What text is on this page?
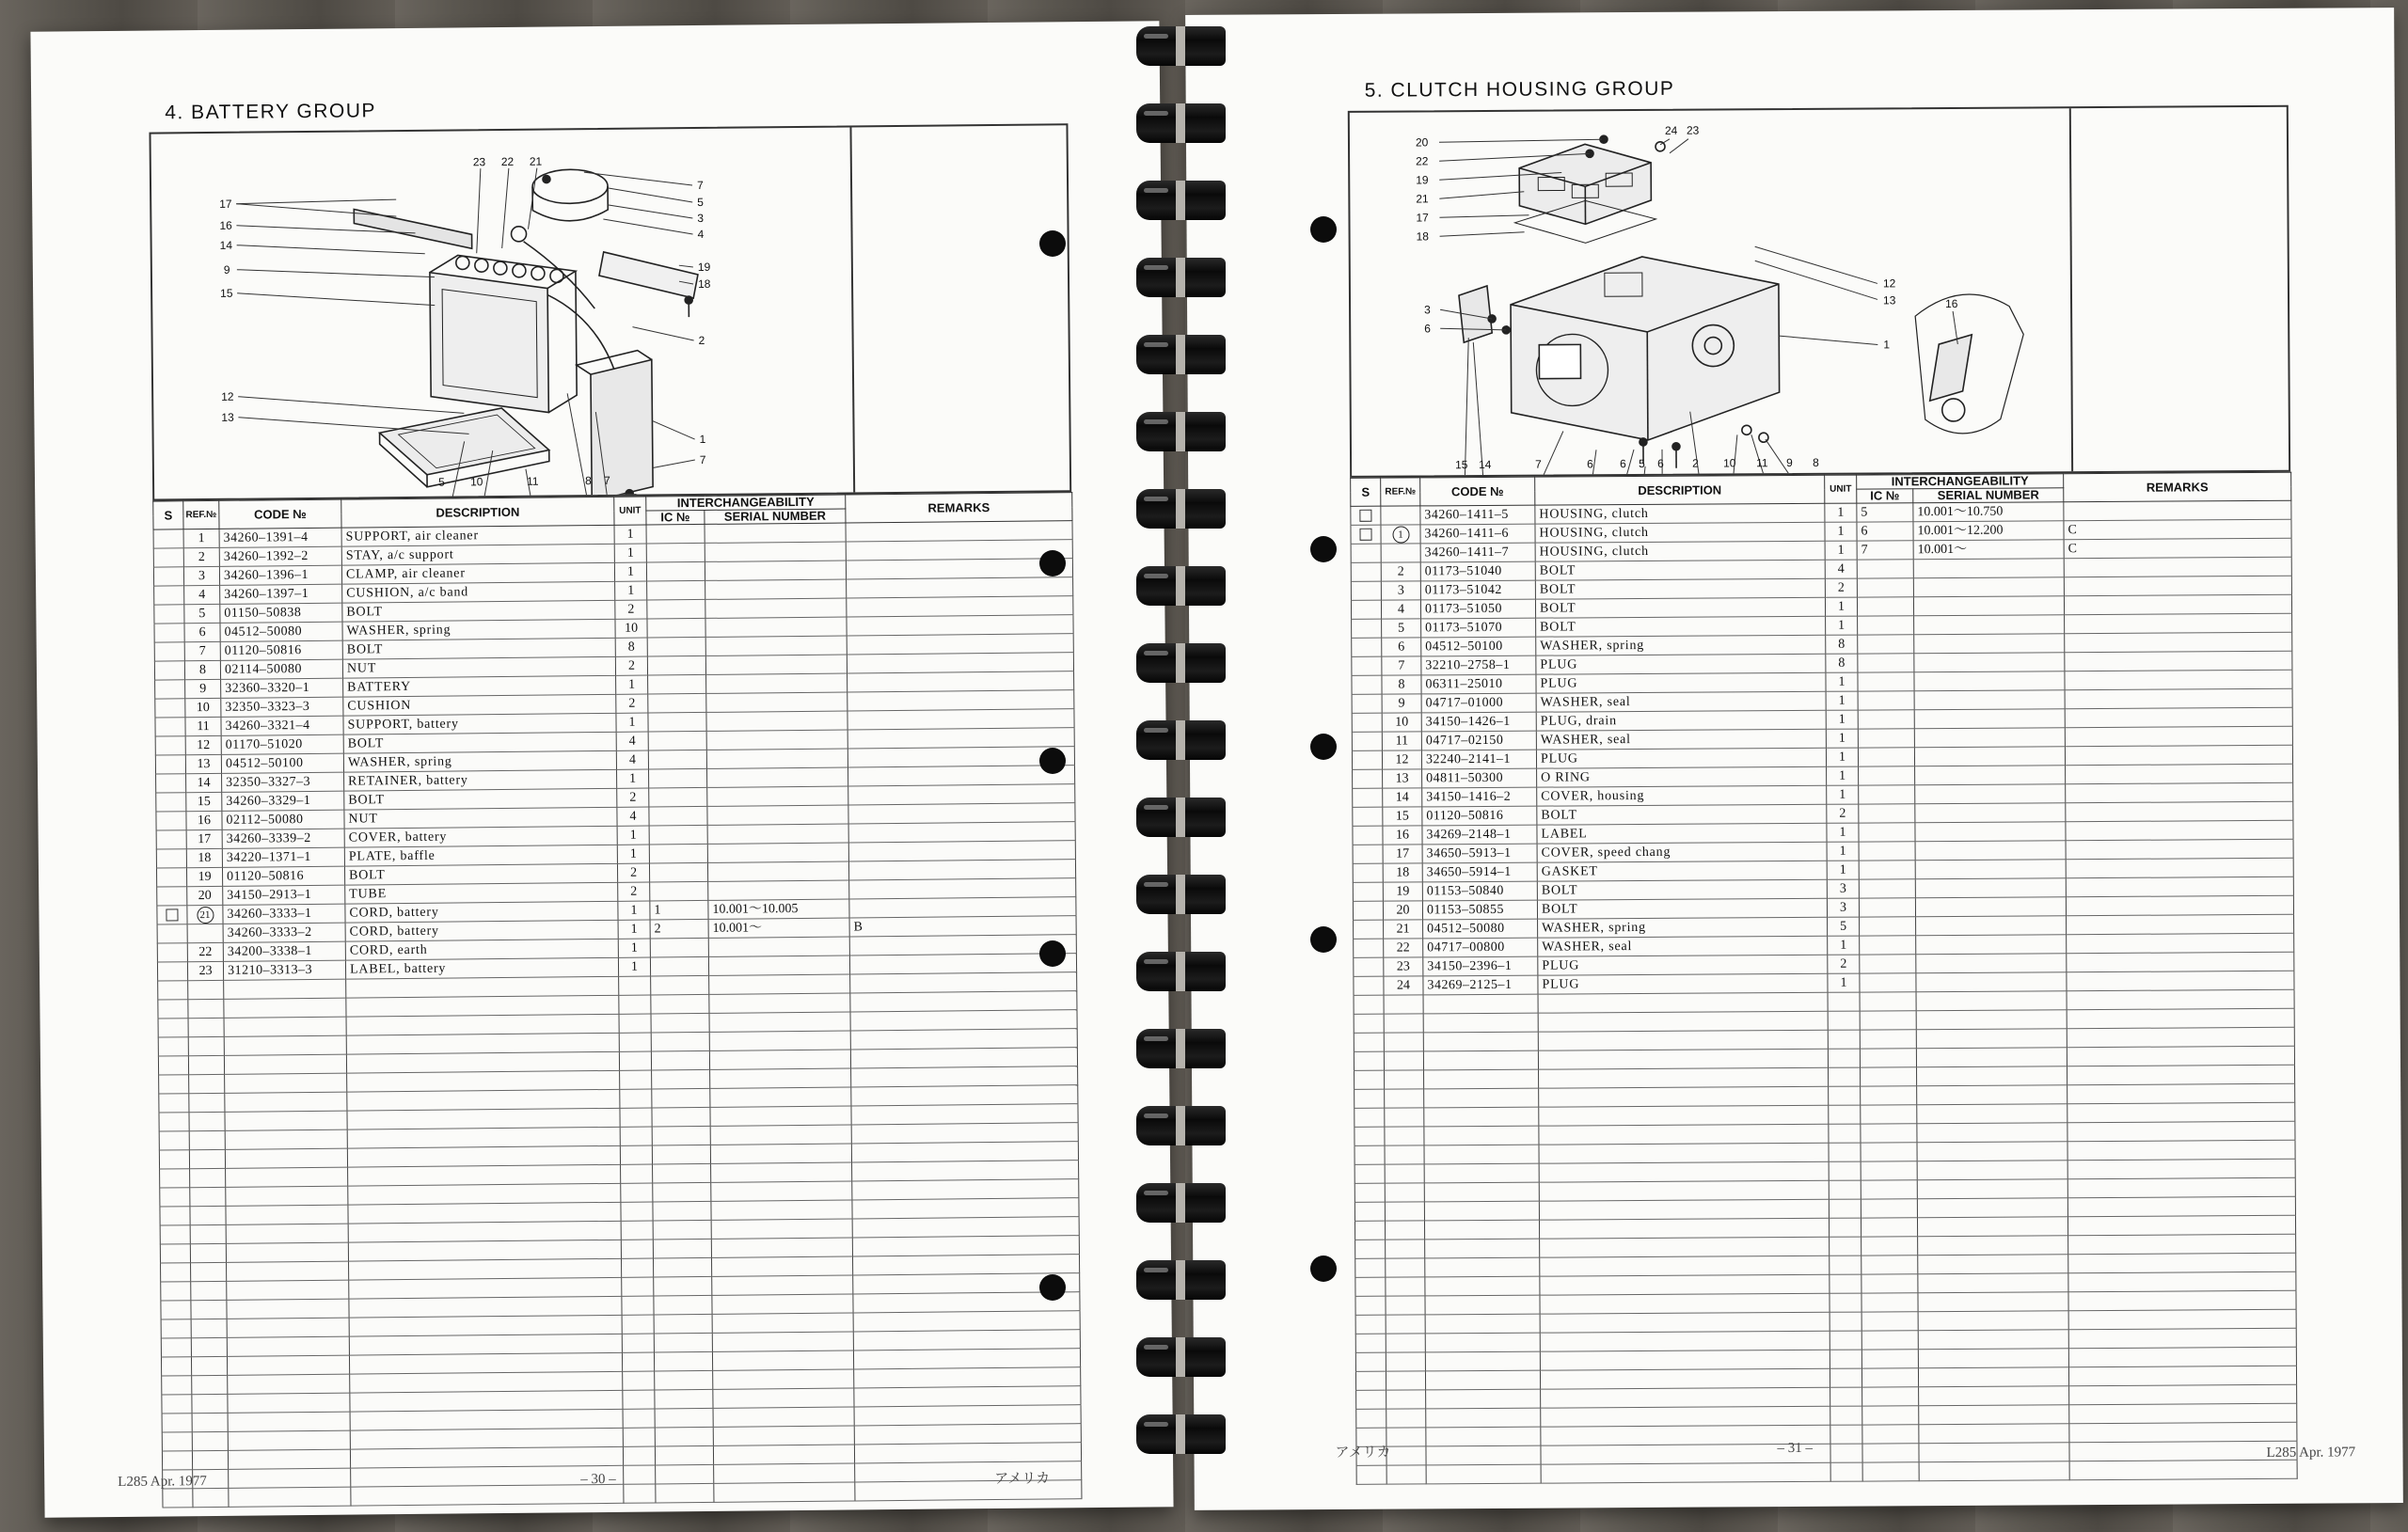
4. BATTERY GROUP
17
16
14
9
15
12
13
23 22 21
7
5
3
4
19
18
2
1
7
5 10	11	8 7
S	REF.№	CODE №	DESCRIPTION	UNIT	INTERCHANGEABILITY		REMARKS
					IC №	SERIAL NUMBER	
	1	34260–1391–4	SUPPORT, air cleaner	1			
	2	34260–1392–2	STAY, a/c support	1			
	3	34260–1396–1	CLAMP, air cleaner	1			
	4	34260–1397–1	CUSHION, a/c band	1			
	5	01150–50838	BOLT	2			
	6	04512–50080	WASHER, spring	10			
	7	01120–50816	BOLT	8			
	8	02114–50080	NUT	2			
	9	32360–3320–1	BATTERY	1			
	10	32350–3323–3	CUSHION	2			
	11	34260–3321–4	SUPPORT, battery	1			
	12	01170–51020	BOLT	4			
	13	04512–50100	WASHER, spring	4			
	14	32350–3327–3	RETAINER, battery	1			
	15	34260–3329–1	BOLT	2			
	16	02112–50080	NUT	4			
	17	34260–3339–2	COVER, battery	1			
	18	34220–1371–1	PLATE, baffle	1			
	19	01120–50816	BOLT	2			
	20	34150–2913–1	TUBE	2			
	21	34260–3333–1	CORD, battery	1	1	10.001〜10.005	
		34260–3333–2	CORD, battery	1	2	10.001〜	B
	22	34200–3338–1	CORD, earth	1			
	23	31210–3313–3	LABEL, battery	1			

L285 Apr. 1977	– 30 –	アメリカ
5. CLUTCH HOUSING GROUP
20
22
19
21
17
18
24 23
12
13
3
6
1
16
15 14	7	6 6 5 6	2 10 11 9 8
S	REF.№	CODE №	DESCRIPTION	UNIT	INTERCHANGEABILITY		REMARKS
					IC №	SERIAL NUMBER	
		34260–1411–5	HOUSING, clutch	1	5	10.001〜10.750	
	1	34260–1411–6	HOUSING, clutch	1	6	10.001〜12.200	C
		34260–1411–7	HOUSING, clutch	1	7	10.001〜	C
	2	01173–51040	BOLT	4			
	3	01173–51042	BOLT	2			
	4	01173–51050	BOLT	1			
	5	01173–51070	BOLT	1			
	6	04512–50100	WASHER, spring	8			
	7	32210–2758–1	PLUG	8			
	8	06311–25010	PLUG	1			
	9	04717–01000	WASHER, seal	1			
	10	34150–1426–1	PLUG, drain	1			
	11	04717–02150	WASHER, seal	1			
	12	32240–2141–1	PLUG	1			
	13	04811–50300	O RING	1			
	14	34150–1416–2	COVER, housing	1			
	15	01120–50816	BOLT	2			
	16	34269–2148–1	LABEL	1			
	17	34650–5913–1	COVER, speed chang	1			
	18	34650–5914–1	GASKET	1			
	19	01153–50840	BOLT	3			
	20	01153–50855	BOLT	3			
	21	04512–50080	WASHER, spring	5			
	22	04717–00800	WASHER, seal	1			
	23	34150–2396–1	PLUG	2			
	24	34269–2125–1	PLUG	1			

アメリカ	– 31 –	L285 Apr. 1977
